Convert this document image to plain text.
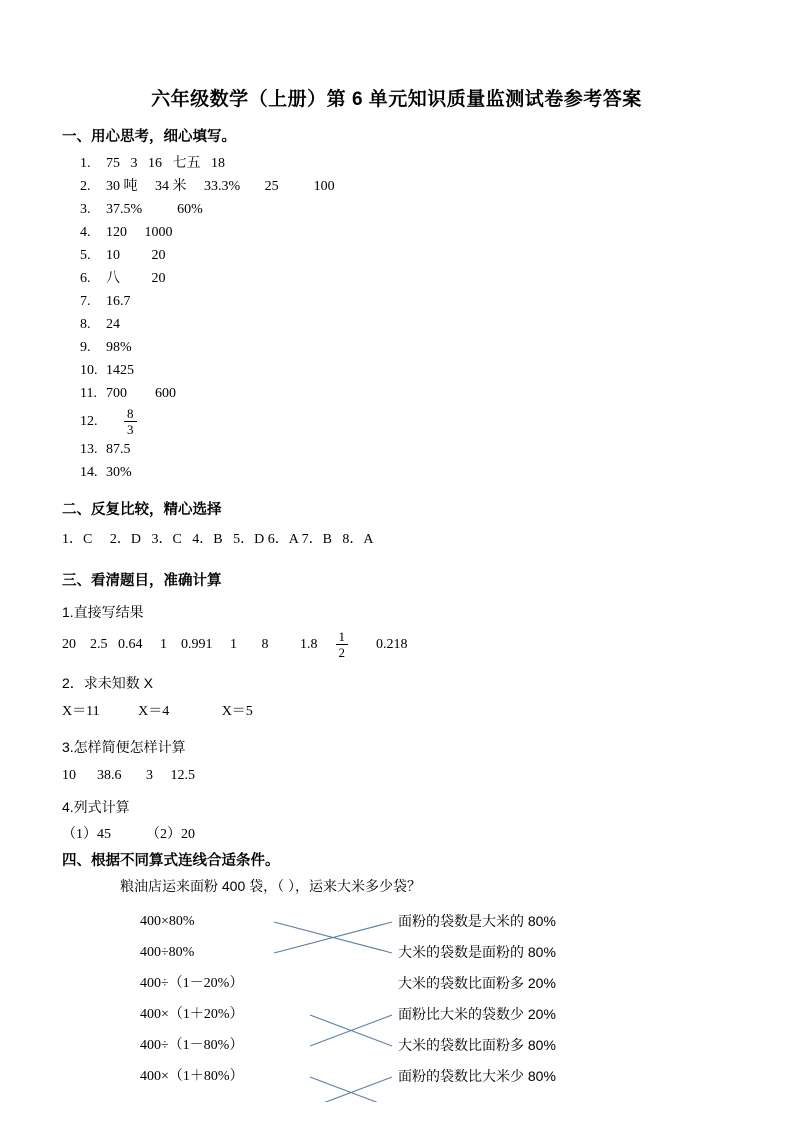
六年级数学（上册）第 6 单元知识质量监测试卷参考答案
一、用心思考，细心填写。
1. 75   3   16   七五   18
2. 30 吨     34 米     33.3%       25          100
3. 37.5%          60%
4. 120     1000
5. 10         20
6. 八         20
7. 16.7
8. 24
9. 98%
10. 1425
11. 700        600
12.	$\frac{8}{3}$
13. 87.5
14. 30%
二、反复比较，精心选择
1．C     2．D   3．C   4．B   5．D 6．A 7．B   8．A
三、看清题目，准确计算
1.直接写结果
20    2.5   0.64     1    0.991     1       8         $1.8 \frac{1}{2}$	0.218
2．求未知数 X
X＝11           X＝4               X＝5
3.怎样简便怎样计算
10      38.6       3     12.5
4.列式计算
（1）45          （2）20
四、根据不同算式连线合适条件。
粮油店运来面粉 400 袋，（ ），运来大米多少袋？
400×80%
400÷80%
400÷（1－20%）
400×（1＋20%）
400÷（1－80%）
400×（1＋80%）
面粉的袋数是大米的 80%
大米的袋数是面粉的 80%
大米的袋数比面粉多 20%
面粉比大米的袋数少 20%
大米的袋数比面粉多 80%
面粉的袋数比大米少 80%
